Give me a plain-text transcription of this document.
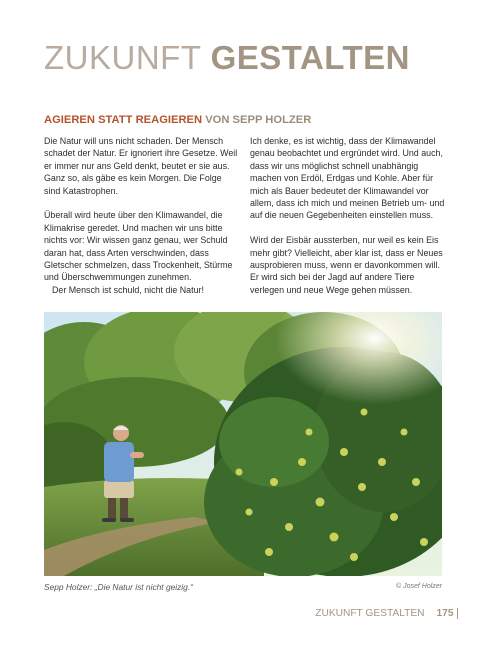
ZUKUNFT GESTALTEN
AGIEREN STATT REAGIEREN VON SEPP HOLZER

Die Natur will uns nicht schaden. Der Mensch schadet der Natur. Er ignoriert ihre Gesetze. Weil er immer nur ans Geld denkt, beutet er sie aus. Ganz so, als gäbe es kein Morgen. Die Folge sind Katastrophen.

Überall wird heute über den Klimawandel, die Klimakrise geredet. Und machen wir uns bitte nichts vor: Wir wissen ganz genau, wer Schuld daran hat, dass Arten verschwinden, dass Gletscher schmelzen, dass Trockenheit, Stürme und Überschwemmungen zunehmen.

Der Mensch ist schuld, nicht die Natur!

Ich denke, es ist wichtig, dass der Klimawandel genau beobachtet und ergründet wird. Und auch, dass wir uns möglichst schnell unabhängig machen von Erdöl, Erdgas und Kohle. Aber für mich als Bauer bedeutet der Klimawandel vor allem, dass ich mich und meinen Betrieb um- und auf die neuen Gegebenheiten einstellen muss.

Wird der Eisbär aussterben, nur weil es kein Eis mehr gibt? Vielleicht, aber klar ist, dass er Neues ausprobieren muss, wenn er davonkommen will. Er wird sich bei der Jagd auf andere Tiere verlegen und neue Wege gehen müssen.

Sepp Holzer: „Die Natur ist nicht geizig.“	© Josef Holzer
ZUKUNFT GESTALTEN 175
